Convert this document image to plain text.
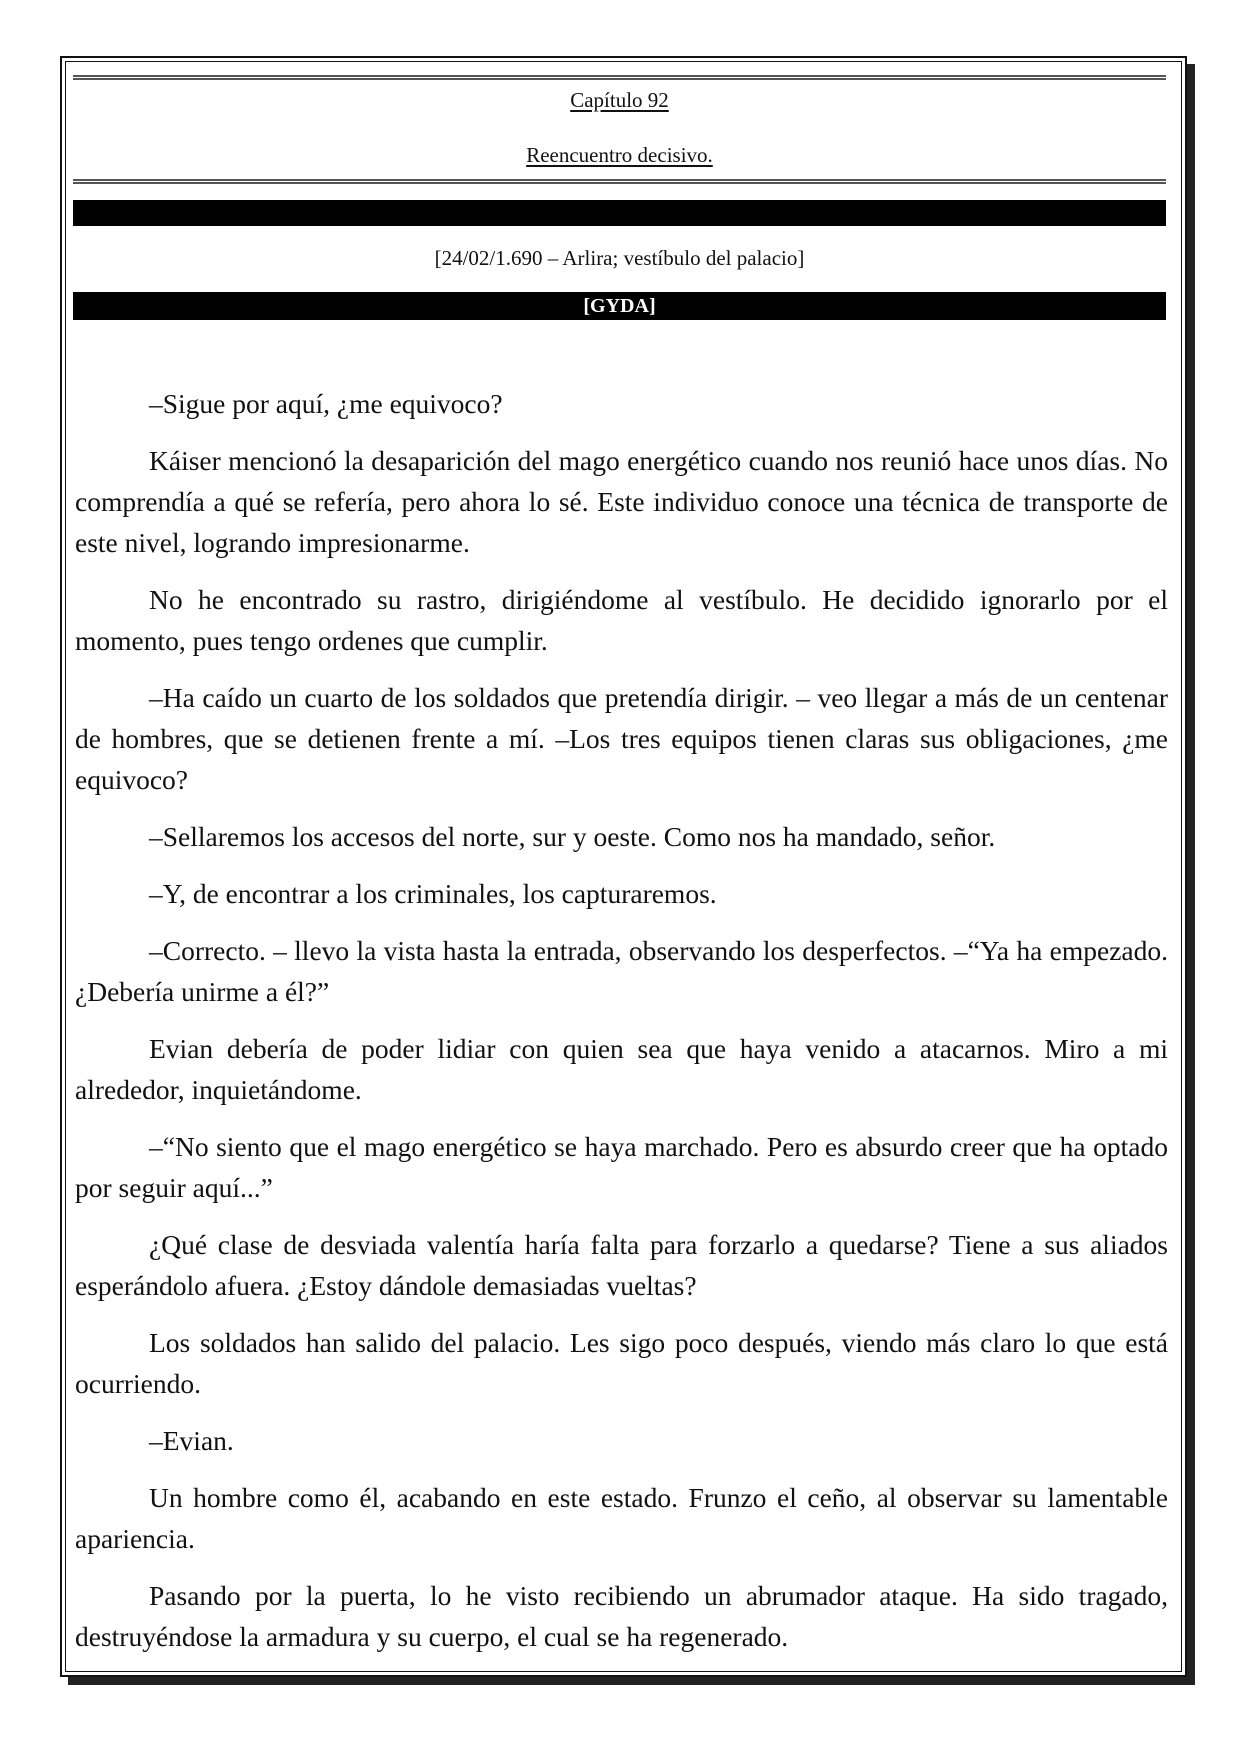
Capítulo 92
Reencuentro decisivo.
[24/02/1.690 – Arlira; vestíbulo del palacio]
[GYDA]

–Sigue por aquí, ¿me equivoco?

Káiser mencionó la desaparición del mago energético cuando nos reunió hace unos días. No comprendía a qué se refería, pero ahora lo sé. Este individuo conoce una técnica de transporte de este nivel, logrando impresionarme.

No he encontrado su rastro, dirigiéndome al vestíbulo. He decidido ignorarlo por el momento, pues tengo ordenes que cumplir.

–Ha caído un cuarto de los soldados que pretendía dirigir. – veo llegar a más de un centenar de hombres, que se detienen frente a mí. –Los tres equipos tienen claras sus obligaciones, ¿me equivoco?

–Sellaremos los accesos del norte, sur y oeste. Como nos ha mandado, señor.

–Y, de encontrar a los criminales, los capturaremos.

–Correcto. – llevo la vista hasta la entrada, observando los desperfectos. –“Ya ha empezado. ¿Debería unirme a él?”

Evian debería de poder lidiar con quien sea que haya venido a atacarnos. Miro a mi alrededor, inquietándome.

–“No siento que el mago energético se haya marchado. Pero es absurdo creer que ha optado por seguir aquí...”

¿Qué clase de desviada valentía haría falta para forzarlo a quedarse? Tiene a sus aliados esperándolo afuera. ¿Estoy dándole demasiadas vueltas?

Los soldados han salido del palacio. Les sigo poco después, viendo más claro lo que está ocurriendo.

–Evian.

Un hombre como él, acabando en este estado. Frunzo el ceño, al observar su lamentable apariencia.

Pasando por la puerta, lo he visto recibiendo un abrumador ataque. Ha sido tragado, destruyéndose la armadura y su cuerpo, el cual se ha regenerado.
